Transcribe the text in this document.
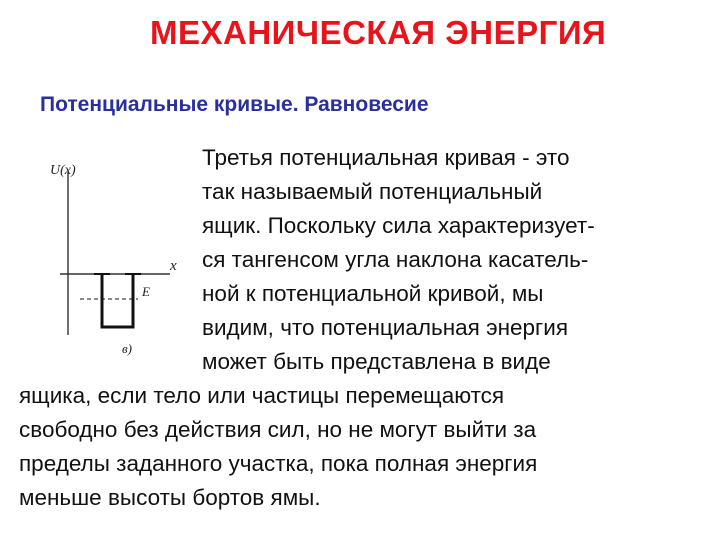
МЕХАНИЧЕСКАЯ ЭНЕРГИЯ
Потенциальные кривые. Равновесие
U(x)
x
E
в)
Третья потенциальная кривая - это
так называемый потенциальный
ящик. Поскольку сила характеризует-
ся тангенсом угла наклона касатель-
ной к потенциальной кривой, мы
видим, что потенциальная энергия
может быть представлена в виде
ящика, если тело или частицы перемещаются
свободно без действия сил, но не могут выйти за
пределы заданного участка, пока полная энергия
меньше высоты бортов ямы.
